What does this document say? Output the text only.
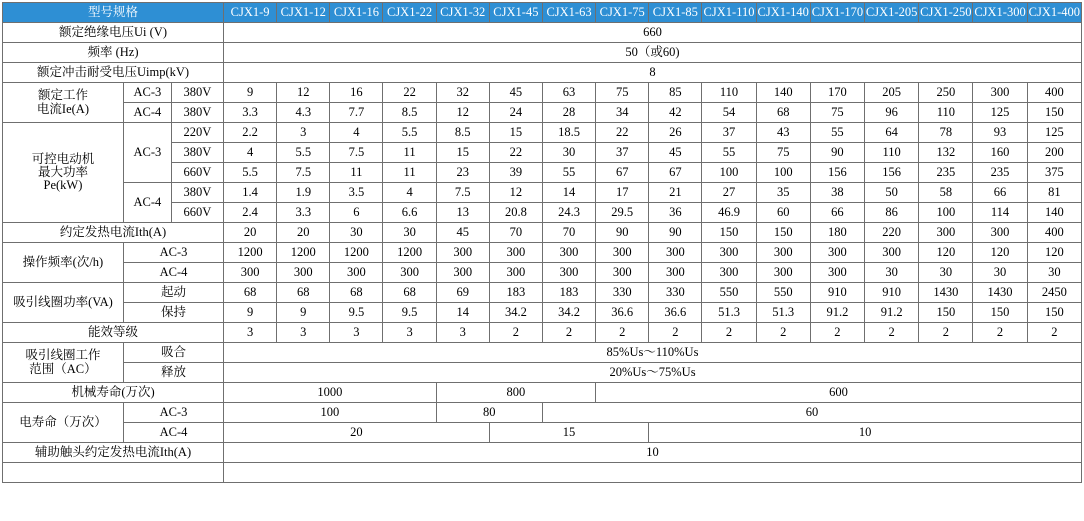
型号规格			CJX1-9	CJX1-12	CJX1-16	CJX1-22	CJX1-32	CJX1-45	CJX1-63	CJX1-75	CJX1-85	CJX1-110	CJX1-140	CJX1-170	CJX1-205	CJX1-250	CJX1-300	CJX1-400
额定绝缘电压Ui (V)			660															
频率 (Hz)			50（或60)															
额定冲击耐受电压Uimp(kV)			8															

额定工作
电流Ie(A)	AC-3	380V	9	12	16	22	32	45	63	75	85	110	140	170	205	250	300	400
	AC-4	380V	3.3	4.3	7.7	8.5	12	24	28	34	42	54	68	75	96	110	125	150

可控电动机
最大功率
Pe(kW)	AC-3	220V	2.2	3	4	5.5	8.5	15	18.5	22	26	37	43	55	64	78	93	125
		380V	4	5.5	7.5	11	15	22	30	37	45	55	75	90	110	132	160	200
		660V	5.5	7.5	11	11	23	39	55	67	67	100	100	156	156	235	235	375
	AC-4	380V	1.4	1.9	3.5	4	7.5	12	14	17	21	27	35	38	50	58	66	81
		660V	2.4	3.3	6	6.6	13	20.8	24.3	29.5	36	46.9	60	66	86	100	114	140
约定发热电流Ith(A)			20	20	30	30	45	70	70	90	90	150	150	180	220	300	300	400
操作频率(次/h)	AC-3		1200	1200	1200	1200	300	300	300	300	300	300	300	300	300	120	120	120
	AC-4		300	300	300	300	300	300	300	300	300	300	300	300	30	30	30	30
吸引线圈功率(VA)	起动		68	68	68	68	69	183	183	330	330	550	550	910	910	1430	1430	2450
	保持		9	9	9.5	9.5	14	34.2	34.2	36.6	36.6	51.3	51.3	91.2	91.2	150	150	150
能效等级			3	3	3	3	3	2	2	2	2	2	2	2	2	2	2	2

吸引线圈工作
范围（AC）	吸合		85%Us～110%Us															
	释放		20%Us～75%Us															
机械寿命(万次)			1000				800			600								
电寿命（万次）	AC-3		100				80		60									
	AC-4		20					15			10							
辅助触头约定发热电流Ith(A)			10															
